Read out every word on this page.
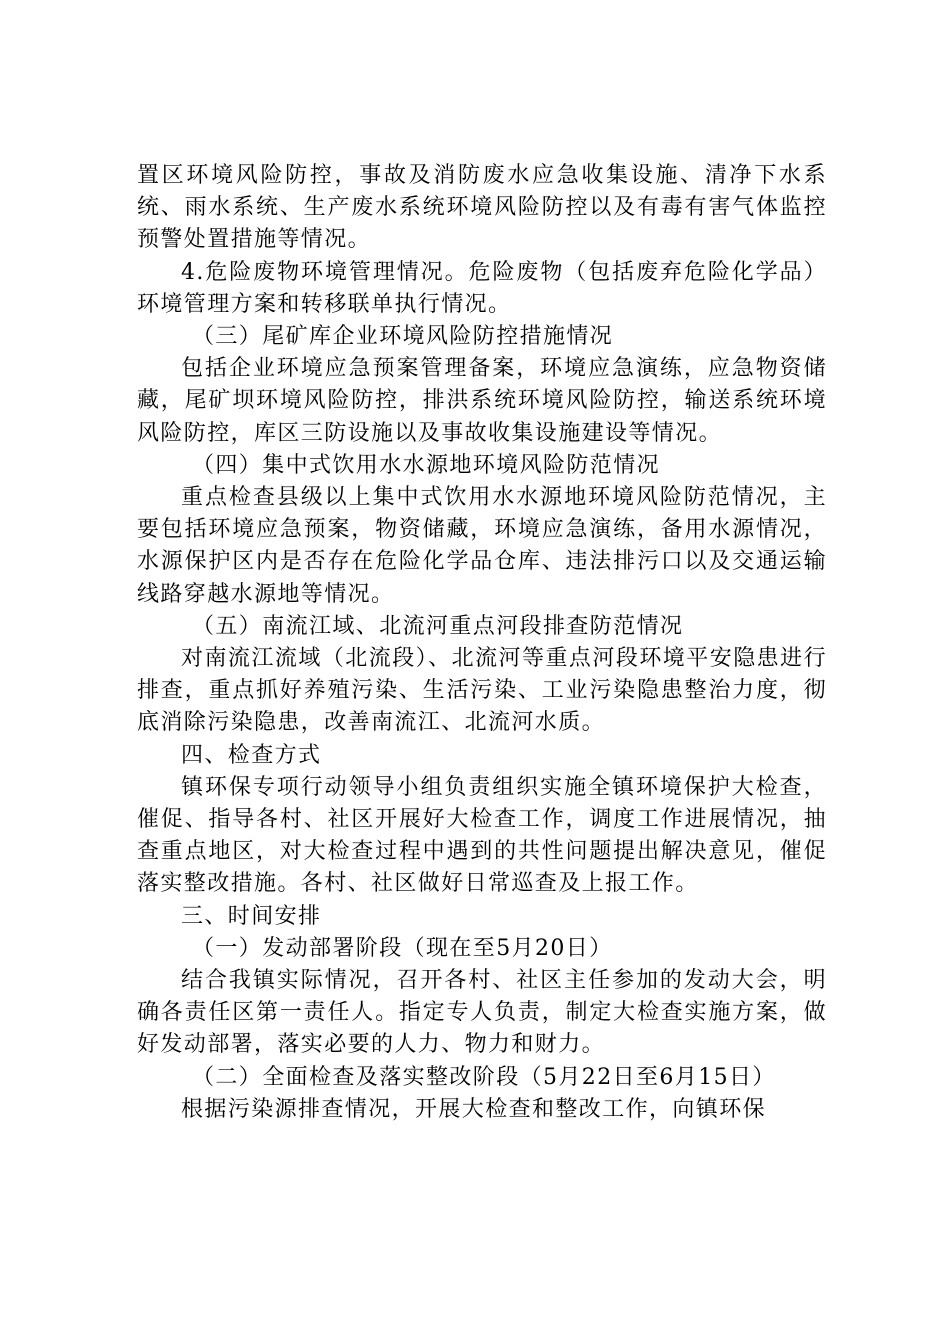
置区环境风险防控，事故及消防废水应急收集设施、清净下水系统、雨水系统、生产废水系统环境风险防控以及有毒有害气体监控预警处置措施等情况。

4.危险废物环境管理情况。危险废物（包括废弃危险化学品）环境管理方案和转移联单执行情况。

（三）尾矿库企业环境风险防控措施情况

包括企业环境应急预案管理备案，环境应急演练，应急物资储藏，尾矿坝环境风险防控，排洪系统环境风险防控，输送系统环境风险防控，库区三防设施以及事故收集设施建设等情况。

（四）集中式饮用水水源地环境风险防范情况

重点检查县级以上集中式饮用水水源地环境风险防范情况，主要包括环境应急预案，物资储藏，环境应急演练，备用水源情况，水源保护区内是否存在危险化学品仓库、违法排污口以及交通运输线路穿越水源地等情况。

（五）南流江域、北流河重点河段排查防范情况

对南流江流域（北流段）、北流河等重点河段环境平安隐患进行排查，重点抓好养殖污染、生活污染、工业污染隐患整治力度，彻底消除污染隐患，改善南流江、北流河水质。

四、检查方式

镇环保专项行动领导小组负责组织实施全镇环境保护大检查，催促、指导各村、社区开展好大检查工作，调度工作进展情况，抽查重点地区，对大检查过程中遇到的共性问题提出解决意见，催促落实整改措施。各村、社区做好日常巡查及上报工作。

三、时间安排

（一）发动部署阶段（现在至5月20日）

结合我镇实际情况，召开各村、社区主任参加的发动大会，明确各责任区第一责任人。指定专人负责，制定大检查实施方案，做好发动部署，落实必要的人力、物力和财力。

（二）全面检查及落实整改阶段（5月22日至6月15日）

根据污染源排查情况，开展大检查和整改工作，向镇环保
